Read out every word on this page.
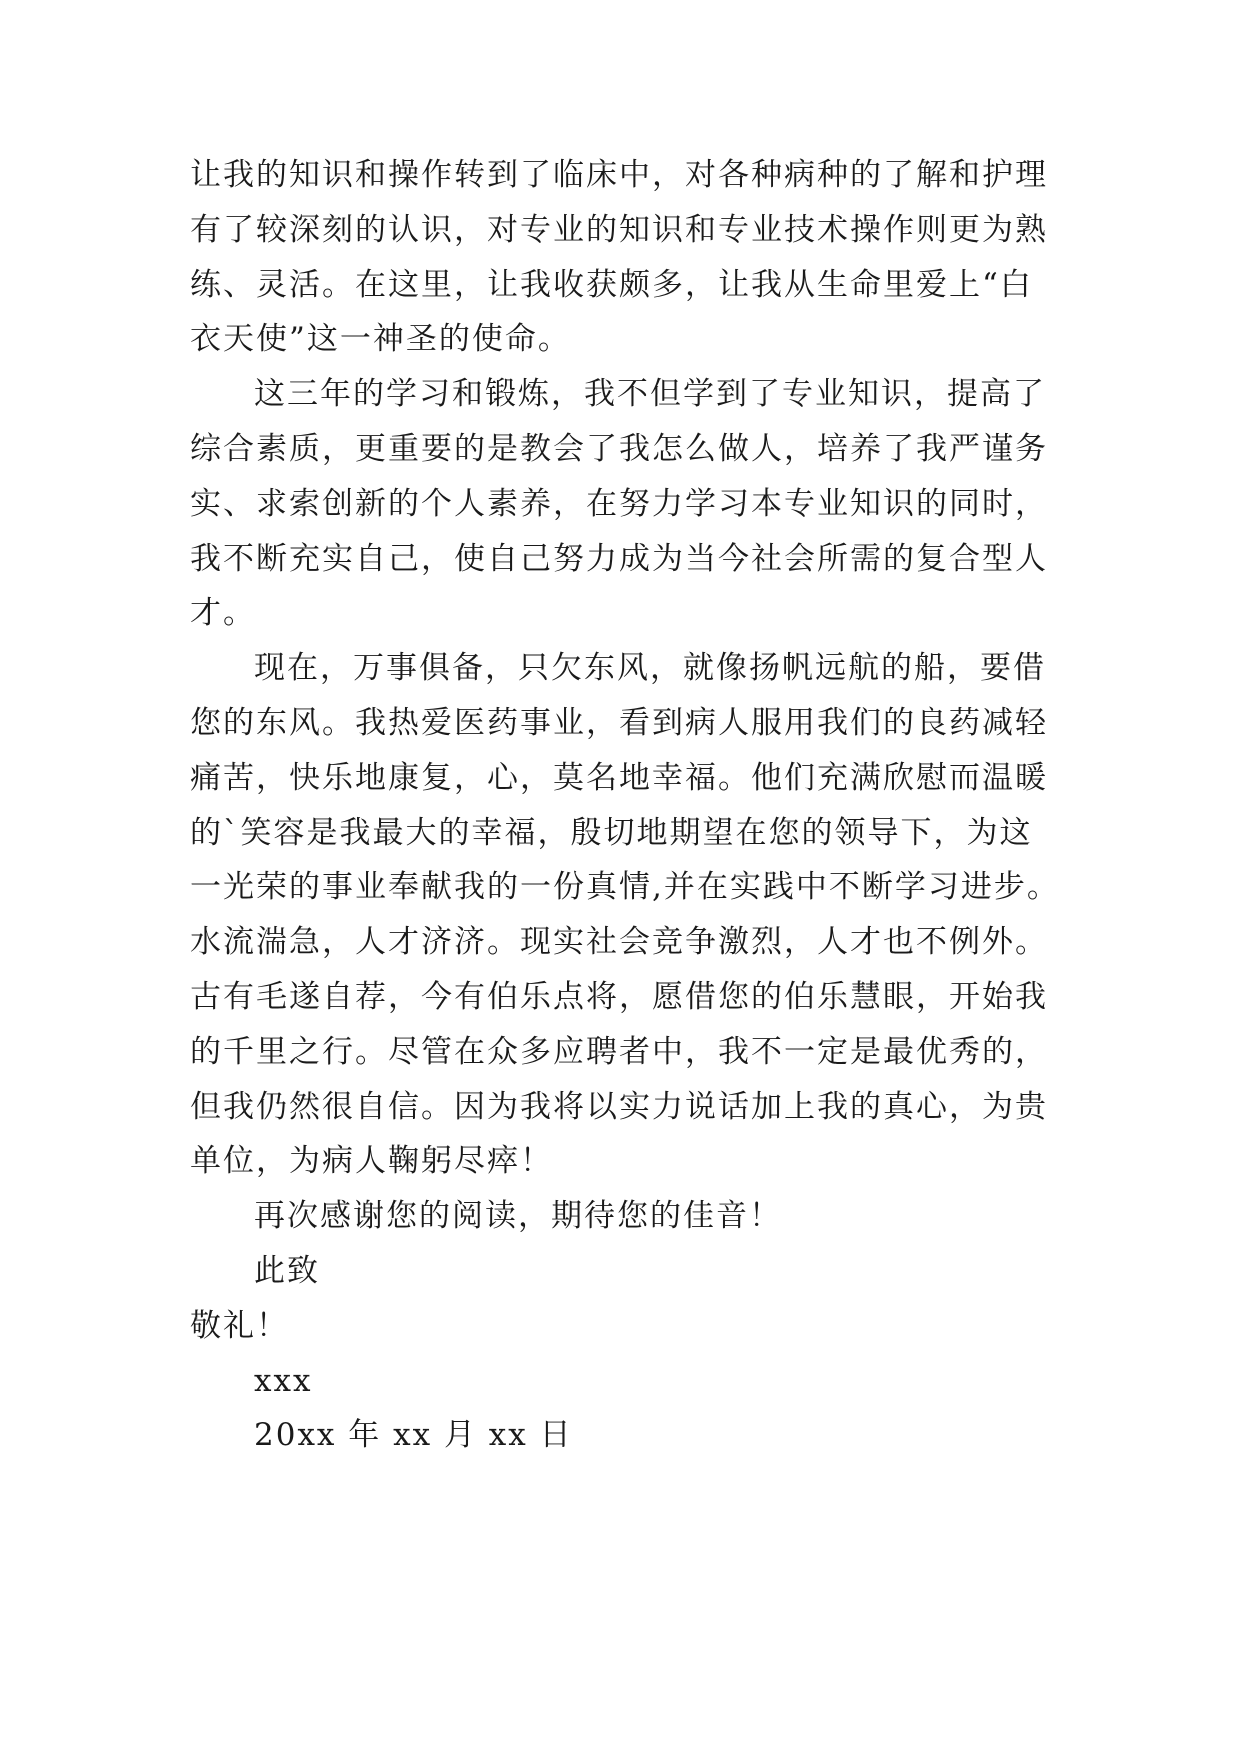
让我的知识和操作转到了临床中，对各种病种的了解和护理
有了较深刻的认识，对专业的知识和专业技术操作则更为熟
练、灵活。在这里，让我收获颇多，让我从生命里爱上“白
衣天使”这一神圣的使命。
这三年的学习和锻炼，我不但学到了专业知识，提高了
综合素质，更重要的是教会了我怎么做人，培养了我严谨务
实、求索创新的个人素养，在努力学习本专业知识的同时，
我不断充实自己，使自己努力成为当今社会所需的复合型人
才。
现在，万事俱备，只欠东风，就像扬帆远航的船，要借
您的东风。我热爱医药事业，看到病人服用我们的良药减轻
痛苦，快乐地康复，心，莫名地幸福。他们充满欣慰而温暖
的`笑容是我最大的幸福，殷切地期望在您的领导下，为这
一光荣的事业奉献我的一份真情,并在实践中不断学习进步。
水流湍急，人才济济。现实社会竞争激烈，人才也不例外。
古有毛遂自荐，今有伯乐点将，愿借您的伯乐慧眼，开始我
的千里之行。尽管在众多应聘者中，我不一定是最优秀的，
但我仍然很自信。因为我将以实力说话加上我的真心，为贵
单位，为病人鞠躬尽瘁！
再次感谢您的阅读，期待您的佳音！
此致
敬礼！
xxx
20xx 年 xx 月 xx 日
